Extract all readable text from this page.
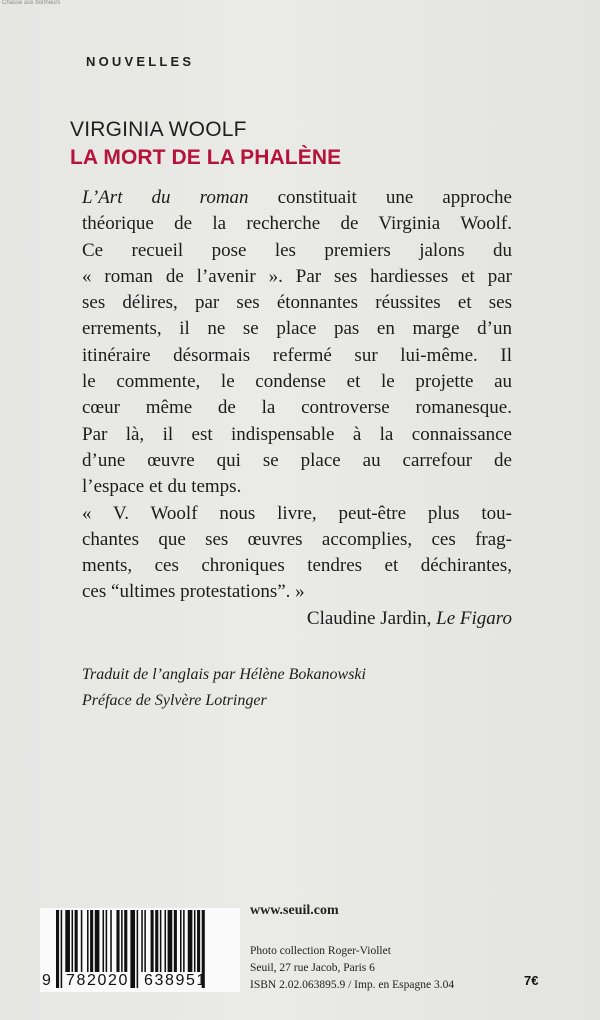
Chasse aux bonheurs
NOUVELLES
VIRGINIA WOOLF
LA MORT DE LA PHALÈNE
L’Art du roman constituait une approche
théorique de la recherche de Virginia Woolf.
Ce recueil pose les premiers jalons du
« roman de l’avenir ». Par ses hardiesses et par
ses délires, par ses étonnantes réussites et ses
errements, il ne se place pas en marge d’un
itinéraire désormais refermé sur lui-même. Il
le commente, le condense et le projette au
cœur même de la controverse romanesque.
Par là, il est indispensable à la connaissance
d’une œuvre qui se place au carrefour de
l’espace et du temps.
« V. Woolf nous livre, peut-être plus tou-
chantes que ses œuvres accomplies, ces frag-
ments, ces chroniques tendres et déchirantes,
ces “ultimes protestations”. »
Claudine Jardin, Le Figaro
Traduit de l’anglais par Hélène Bokanowski
Préface de Sylvère Lotringer
9 782020 638951
www.seuil.com
Photo collection Roger-Viollet
Seuil, 27 rue Jacob, Paris 6
ISBN 2.02.063895.9 / Imp. en Espagne 3.04	7€
